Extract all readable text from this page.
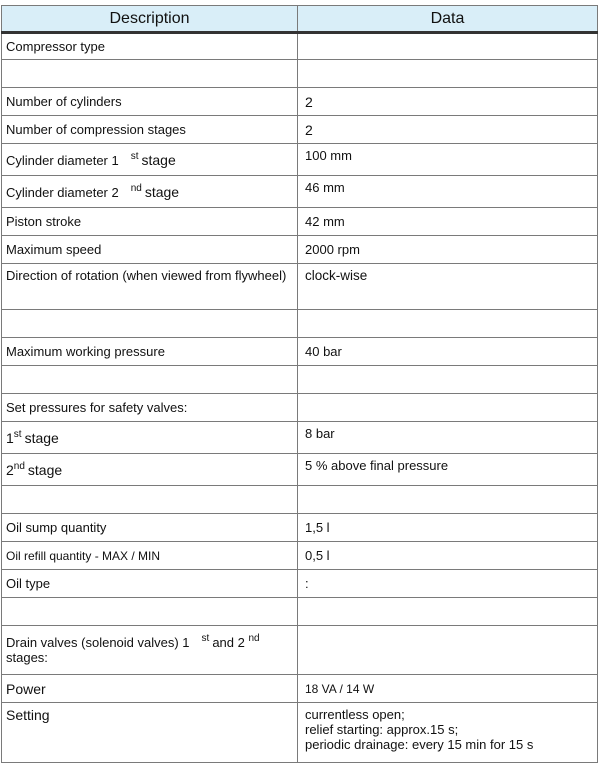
Description	Data
Compressor type	

Number of cylinders	2
Number of compression stages	2
Cylinder diameter 1 $^{st}$ stage	100 mm
Cylinder diameter 2 $^{nd}$ stage	46 mm
Piston stroke	42 mm
Maximum speed	2000 rpm
Direction of rotation (when viewed from flywheel)	clock-wise

Maximum working pressure	40 bar

Set pressures for safety valves:	
1st stage	8 bar
2nd stage	5 % above final pressure

Oil sump quantity	1,5 l
Oil refill quantity - MAX / MIN	0,5 l
Oil type	:

Drain valves (solenoid valves) 1 $^{st}$ and 2 $^{nd}$
stages:	
Power	18 VA / 14 W
Setting	currentless open;
relief starting: approx.15 s;
periodic drainage: every 15 min for 15 s
